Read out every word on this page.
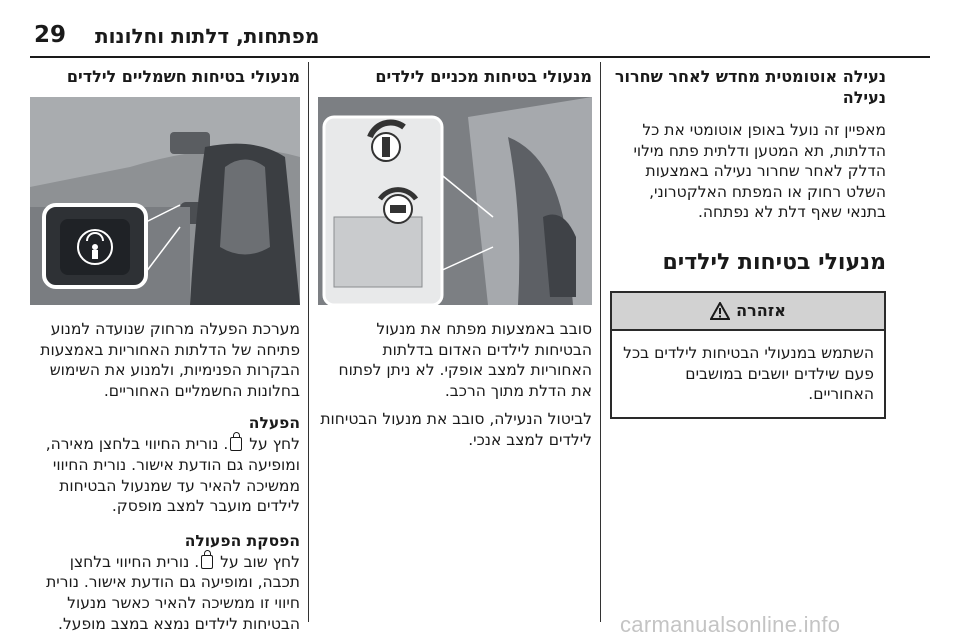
29 מפתחות, דלתות וחלונות
נעילה אוטומטית מחדש לאחר שחרור נעילה
מאפיין זה נועל באופן אוטומטי את כל הדלתות, תא המטען ודלתית פתח מילוי הדלק לאחר שחרור נעילה באמצעות השלט רחוק או המפתח האלקטרוני, בתנאי שאף דלת לא נפתחה.
מנעולי בטיחות לילדים
אזהרה
השתמש במנעולי הבטיחות לילדים בכל פעם שילדים יושבים במושבים האחוריים.
מנעולי בטיחות מכניים לילדים
סובב באמצעות מפתח את מנעול הבטיחות לילדים האדום בדלתות האחוריות למצב אופקי. לא ניתן לפתוח את הדלת מתוך הרכב.
לביטול הנעילה, סובב את מנעול הבטיחות לילדים למצב אנכי.
מנעולי בטיחות חשמליים לילדים
מערכת הפעלה מרחוק שנועדה למנוע פתיחה של הדלתות האחוריות באמצעות הבקרות הפנימיות, ולמנוע את השימוש בחלונות החשמליים האחוריים.
הפעלה
לחץ על . נורית החיווי בלחצן מאירה, ומופיעה גם הודעת אישור. נורית החיווי ממשיכה להאיר עד שמנעול הבטיחות לילדים מועבר למצב מופסק.
הפסקת הפעולה
לחץ שוב על . נורית החיווי בלחצן תכבה, ומופיעה גם הודעת אישור. נורית חיווי זו ממשיכה להאיר כאשר מנעול הבטיחות לילדים נמצא במצב מופעל.	carmanualsonline.info
